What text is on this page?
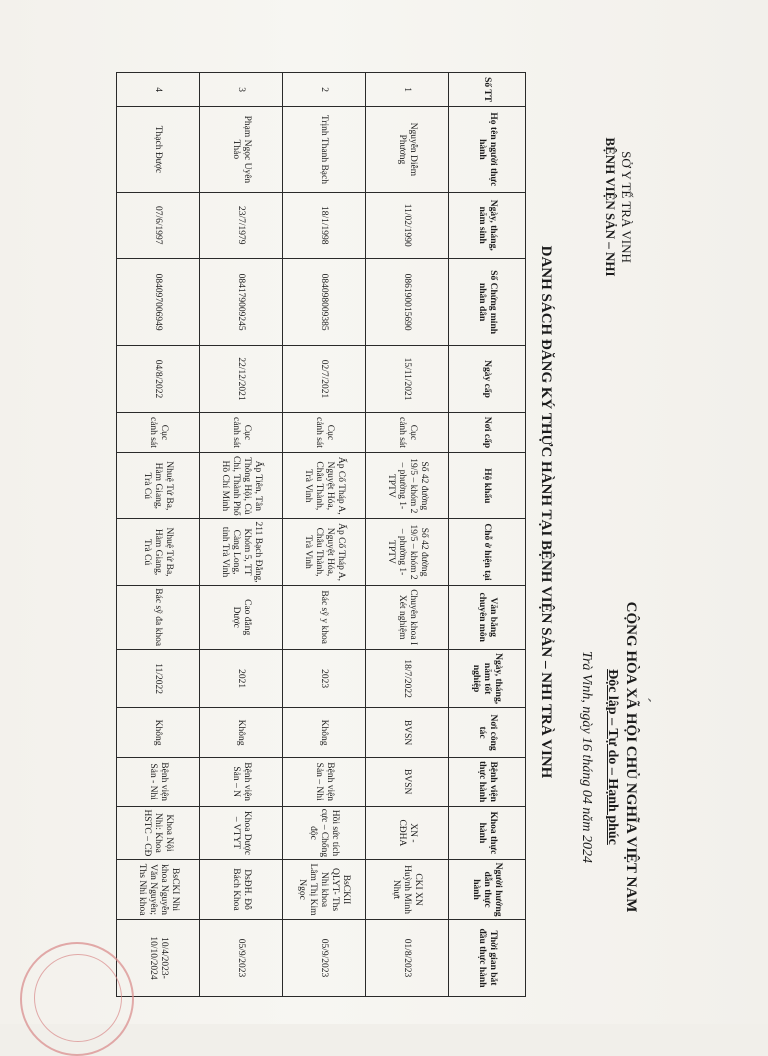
ˊ
SỞ Y TẾ TRÀ VINH
BỆNH VIỆN SẢN – NHI
CỘNG HÒA XÃ HỘI CHỦ NGHĨA VIỆT NAM
Độc lập – Tự do – Hạnh phúc
Trà Vinh, ngày 16 tháng 04 năm 2024
DANH SÁCH ĐĂNG KÝ THỰC HÀNH TẠI BỆNH VIỆN SẢN – NHI TRÀ VINH
Số TT	Họ tên người thực hành	Ngày, tháng, năm sinh	Số Chứng minh nhân dân	Ngày cấp	Nơi cấp	Hộ khẩu	Chỗ ở hiện tại	Văn bằng chuyên môn	Ngày, tháng, năm tốt nghiệp	Nơi công tác	Bệnh viện thực hành	Khoa thực hành	Người hướng dẫn thực hành	Thời gian bắt đầu thực hành
1	Nguyễn Diễm Phương	11/02/1990	086190015690	15/11/2021	Cục cảnh sát	Số 42 đường 19/5 – khóm 2 – phường 1- TPTV	Số 42 đường 19/5 – khóm 2 – phường 1- TPTV	Chuyên khoa I Xét nghiệm	18/7/2022	BVSN	BVSN	XN - CĐHA	CKI XN Huỳnh Minh Nhựt	01/8/2023
2	Trịnh Thanh Bạch	18/1/1998	084098009385	02/7/2021	Cục cảnh sát	Ấp Cổ Tháp A, Nguyệt Hóa, Châu Thành, Trà Vinh	Ấp Cổ Tháp A, Nguyệt Hóa, Châu Thành, Trà Vinh	Bác sỹ y khoa	2023	Không	Bệnh viện Sản – Nhi	Hồi sức tích cực – Chống độc	BsCKII QLYT- Ths Nhi khoa Lâm Thị Kim Ngọc	05/9/2023
3	Phạm Ngọc Uyên Thảo	23/7/1979	084179009245	22/12/2021	Cục cảnh sát	Ấp Tiên, Tân Thông Hội, Củ Chi, Thành Phố Hồ Chí Minh	211 Bạch Đằng, Khóm 5, TT Càng Long, tỉnh Trà Vinh	Cao đẳng Dược	2021	Không	Bệnh viện Sản – N	Khoa Dược – VTYT	DsĐH. Đỗ Bách Khoa	05/9/2023
4	Thạch Được	07/6/1997	084097006949	04/8/2022	Cục cảnh sát	Nhuệ Tứ Ba, Hàm Giang, Trà Cú	Nhuệ Tứ Ba, Hàm Giang, Trà Cú	Bác sỹ đa khoa	11/2022	Không	Bệnh viện Sản - Nhi	Khoa Nội Nhi: Khoa HSTC – CĐ	BsCKI Nhi khoa Nguyễn Văn Nguyên; Ths Nhi khoa	10/4/2023-10/10/2024
